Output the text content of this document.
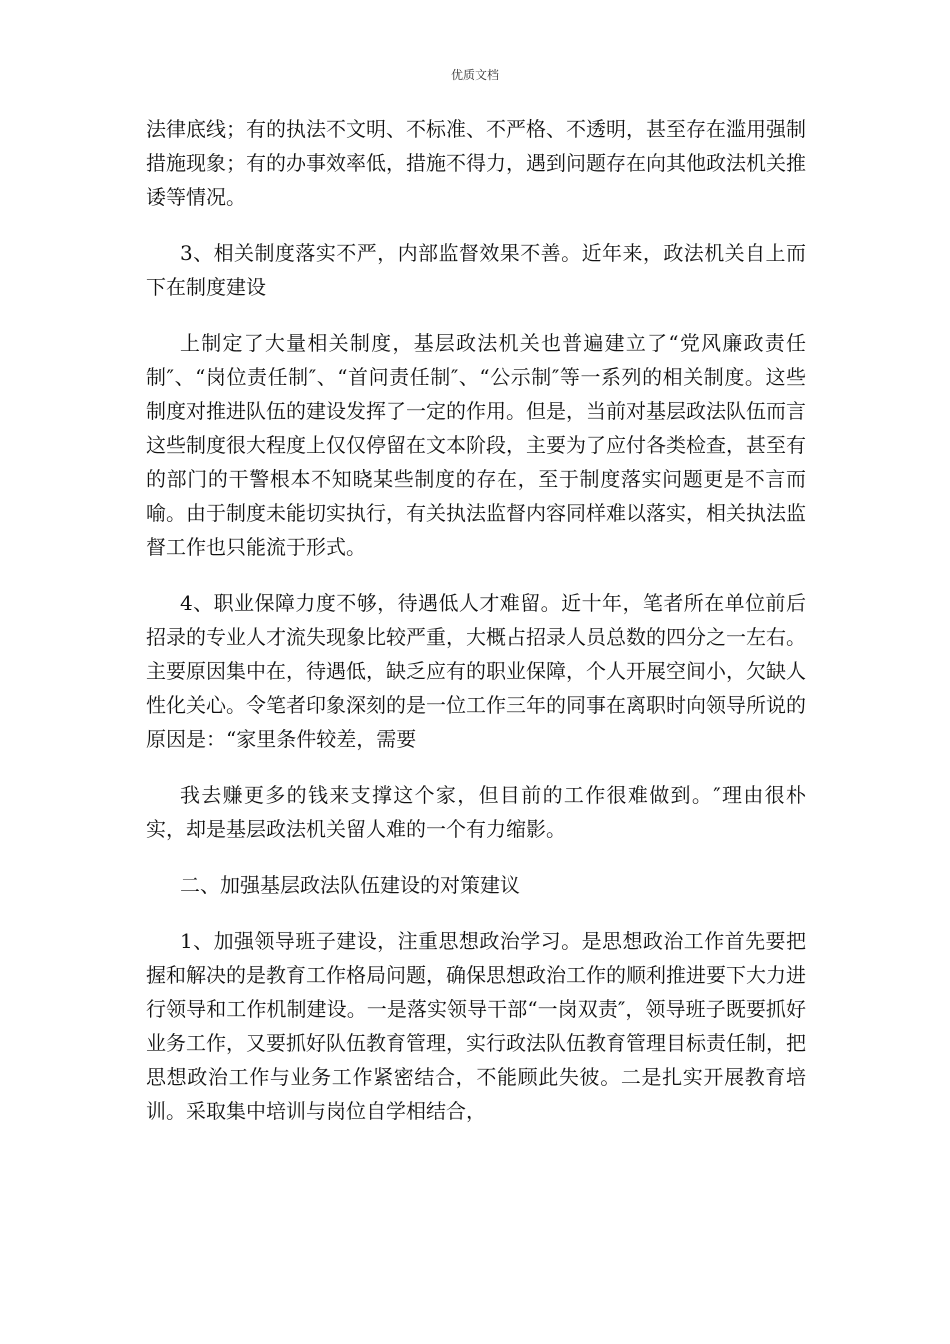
优质文档

法律底线；有的执法不文明、不标准、不严格、不透明，甚至存在滥用强制措施现象；有的办事效率低，措施不得力，遇到问题存在向其他政法机关推诿等情况。

3、相关制度落实不严，内部监督效果不善。近年来，政法机关自上而下在制度建设

上制定了大量相关制度，基层政法机关也普遍建立了“党风廉政责任制″、“岗位责任制″、“首问责任制″、“公示制″等一系列的相关制度。这些制度对推进队伍的建设发挥了一定的作用。但是，当前对基层政法队伍而言这些制度很大程度上仅仅停留在文本阶段，主要为了应付各类检查，甚至有的部门的干警根本不知晓某些制度的存在，至于制度落实问题更是不言而喻。由于制度未能切实执行，有关执法监督内容同样难以落实，相关执法监督工作也只能流于形式。

4、职业保障力度不够，待遇低人才难留。近十年，笔者所在单位前后招录的专业人才流失现象比较严重，大概占招录人员总数的四分之一左右。主要原因集中在，待遇低，缺乏应有的职业保障，个人开展空间小，欠缺人性化关心。令笔者印象深刻的是一位工作三年的同事在离职时向领导所说的原因是：“家里条件较差，需要

我去赚更多的钱来支撑这个家，但目前的工作很难做到。″理由很朴实，却是基层政法机关留人难的一个有力缩影。

二、加强基层政法队伍建设的对策建议

1、加强领导班子建设，注重思想政治学习。是思想政治工作首先要把握和解决的是教育工作格局问题，确保思想政治工作的顺利推进要下大力进行领导和工作机制建设。一是落实领导干部“一岗双责″，领导班子既要抓好业务工作，又要抓好队伍教育管理，实行政法队伍教育管理目标责任制，把思想政治工作与业务工作紧密结合，不能顾此失彼。二是扎实开展教育培训。采取集中培训与岗位自学相结合，
